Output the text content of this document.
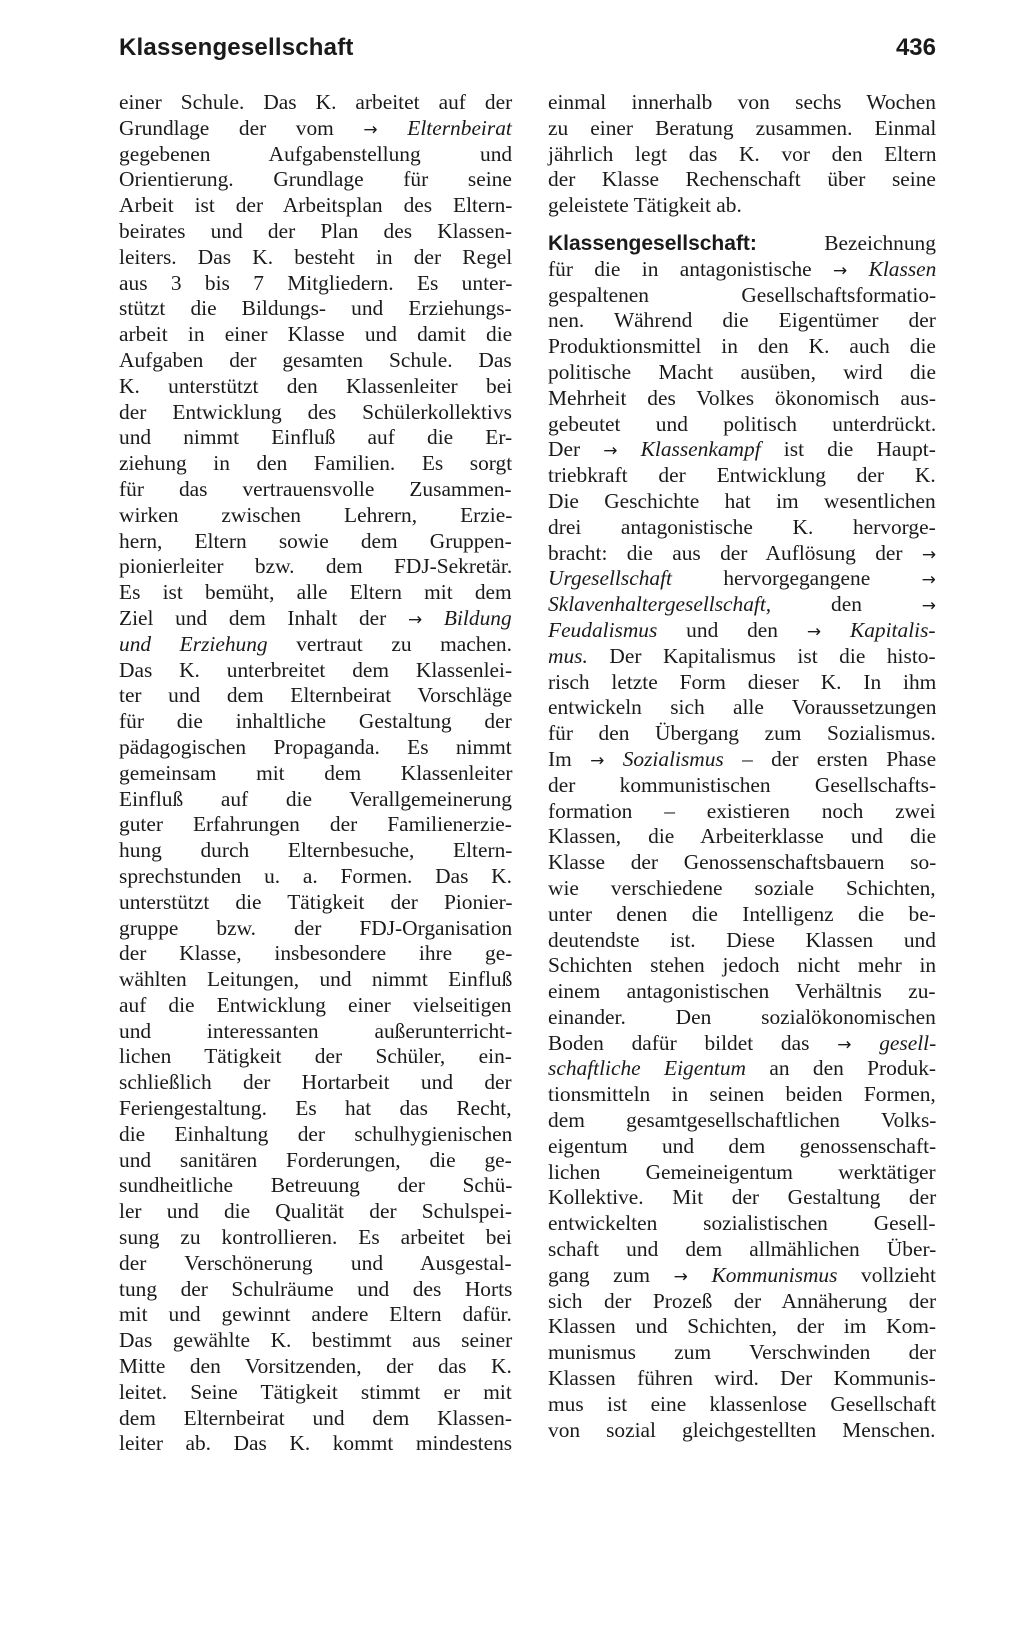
Klassengesellschaft	436
einer Schule. Das K. arbeitet auf der
Grundlage der vom → Elternbeirat
gegebenen Aufgabenstellung und
Orientierung. Grundlage für seine
Arbeit ist der Arbeitsplan des Eltern-
beirates und der Plan des Klassen-
leiters. Das K. besteht in der Regel
aus 3 bis 7 Mitgliedern. Es unter-
stützt die Bildungs- und Erziehungs-
arbeit in einer Klasse und damit die
Aufgaben der gesamten Schule. Das
K. unterstützt den Klassenleiter bei
der Entwicklung des Schülerkollektivs
und nimmt Einfluß auf die Er-
ziehung in den Familien. Es sorgt
für das vertrauensvolle Zusammen-
wirken zwischen Lehrern, Erzie-
hern, Eltern sowie dem Gruppen-
pionierleiter bzw. dem FDJ-Sekretär.
Es ist bemüht, alle Eltern mit dem
Ziel und dem Inhalt der → Bildung
und Erziehung vertraut zu machen.
Das K. unterbreitet dem Klassenlei-
ter und dem Elternbeirat Vorschläge
für die inhaltliche Gestaltung der
pädagogischen Propaganda. Es nimmt
gemeinsam mit dem Klassenleiter
Einfluß auf die Verallgemeinerung
guter Erfahrungen der Familienerzie-
hung durch Elternbesuche, Eltern-
sprechstunden u. a. Formen. Das K.
unterstützt die Tätigkeit der Pionier-
gruppe bzw. der FDJ-Organisation
der Klasse, insbesondere ihre ge-
wählten Leitungen, und nimmt Einfluß
auf die Entwicklung einer vielseitigen
und interessanten außerunterricht-
lichen Tätigkeit der Schüler, ein-
schließlich der Hortarbeit und der
Feriengestaltung. Es hat das Recht,
die Einhaltung der schulhygienischen
und sanitären Forderungen, die ge-
sundheitliche Betreuung der Schü-
ler und die Qualität der Schulspei-
sung zu kontrollieren. Es arbeitet bei
der Verschönerung und Ausgestal-
tung der Schulräume und des Horts
mit und gewinnt andere Eltern dafür.
Das gewählte K. bestimmt aus seiner
Mitte den Vorsitzenden, der das K.
leitet. Seine Tätigkeit stimmt er mit
dem Elternbeirat und dem Klassen-
leiter ab. Das K. kommt mindestens
einmal innerhalb von sechs Wochen
zu einer Beratung zusammen. Einmal
jährlich legt das K. vor den Eltern
der Klasse Rechenschaft über seine
geleistete Tätigkeit ab.
Klassengesellschaft: Bezeichnung
für die in antagonistische → Klassen
gespaltenen Gesellschaftsformatio-
nen. Während die Eigentümer der
Produktionsmittel in den K. auch die
politische Macht ausüben, wird die
Mehrheit des Volkes ökonomisch aus-
gebeutet und politisch unterdrückt.
Der → Klassenkampf ist die Haupt-
triebkraft der Entwicklung der K.
Die Geschichte hat im wesentlichen
drei antagonistische K. hervorge-
bracht: die aus der Auflösung der →
Urgesellschaft hervorgegangene →
Sklavenhaltergesellschaft, den →
Feudalismus und den → Kapitalis-
mus. Der Kapitalismus ist die histo-
risch letzte Form dieser K. In ihm
entwickeln sich alle Voraussetzungen
für den Übergang zum Sozialismus.
Im → Sozialismus – der ersten Phase
der kommunistischen Gesellschafts-
formation – existieren noch zwei
Klassen, die Arbeiterklasse und die
Klasse der Genossenschaftsbauern so-
wie verschiedene soziale Schichten,
unter denen die Intelligenz die be-
deutendste ist. Diese Klassen und
Schichten stehen jedoch nicht mehr in
einem antagonistischen Verhältnis zu-
einander. Den sozialökonomischen
Boden dafür bildet das → gesell-
schaftliche Eigentum an den Produk-
tionsmitteln in seinen beiden Formen,
dem gesamtgesellschaftlichen Volks-
eigentum und dem genossenschaft-
lichen Gemeineigentum werktätiger
Kollektive. Mit der Gestaltung der
entwickelten sozialistischen Gesell-
schaft und dem allmählichen Über-
gang zum → Kommunismus vollzieht
sich der Prozeß der Annäherung der
Klassen und Schichten, der im Kom-
munismus zum Verschwinden der
Klassen führen wird. Der Kommunis-
mus ist eine klassenlose Gesellschaft
von sozial gleichgestellten Menschen.
